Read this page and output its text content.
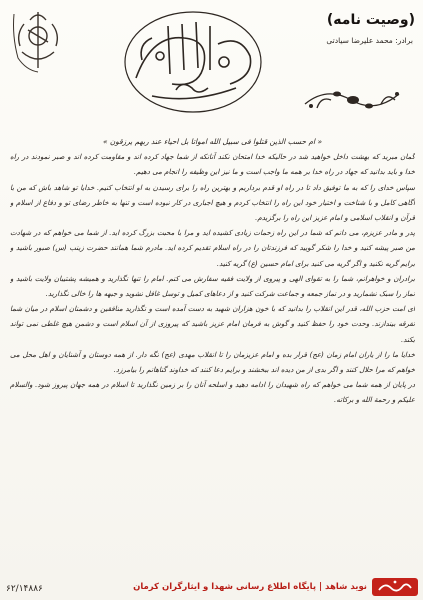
(وصیت نامه)
برادر: محمد علیرضا سیادتی

« ام حسب الذین قتلوا فی سبیل الله امواتا بل احیاء عند ربهم یرزقون »

گمان مبرید که بهشت داخل خواهید شد در حالیکه خدا امتحان نکند آنانکه از شما جهاد کرده اند و مقاومت کرده اند و صبر نمودند در راه خدا و باید بدانید که جهاد در راه خدا بر همه ما واجب است و ما نیز این وظیفه را انجام می دهیم.

سپاس خدای را که به ما توفیق داد تا در راه او قدم برداریم و بهترین راه را برای رسیدن به او انتخاب کنیم. خدایا تو شاهد باش که من با آگاهی کامل و با شناخت و اختیار خود این راه را انتخاب کردم و هیچ اجباری در کار نبوده است و تنها به خاطر رضای تو و دفاع از اسلام و قرآن و انقلاب اسلامی و امام عزیز این راه را برگزیدم.

پدر و مادر عزیزم، می دانم که شما در این راه زحمات زیادی کشیده اید و مرا با محبت بزرگ کرده اید. از شما می خواهم که در شهادت من صبر پیشه کنید و خدا را شکر گویید که فرزندتان را در راه اسلام تقدیم کرده اید. مادرم شما همانند حضرت زینب (س) صبور باشید و برایم گریه نکنید و اگر گریه می کنید برای امام حسین (ع) گریه کنید.

برادران و خواهرانم، شما را به تقوای الهی و پیروی از ولایت فقیه سفارش می کنم. امام را تنها نگذارید و همیشه پشتیبان ولایت باشید و نماز را سبک نشمارید و در نماز جمعه و جماعت شرکت کنید و از دعاهای کمیل و توسل غافل نشوید و جبهه ها را خالی نگذارید.

ای امت حزب الله، قدر این انقلاب را بدانید که با خون هزاران شهید به دست آمده است و نگذارید منافقین و دشمنان اسلام در میان شما تفرقه بیندازند. وحدت خود را حفظ کنید و گوش به فرمان امام عزیز باشید که پیروزی از آن اسلام است و دشمن هیچ غلطی نمی تواند بکند.

خدایا ما را از یاران امام زمان (عج) قرار بده و امام عزیزمان را تا انقلاب مهدی (عج) نگه دار. از همه دوستان و آشنایان و اهل محل می خواهم که مرا حلال کنند و اگر بدی از من دیده اند ببخشند و برایم دعا کنند که خداوند گناهانم را بیامرزد.

در پایان از همه شما می خواهم که راه شهیدان را ادامه دهید و اسلحه آنان را بر زمین نگذارید تا اسلام در همه جهان پیروز شود. والسلام علیکم و رحمة الله و برکاته.

۶۲/۱۴۸۸۶	نوید شاهد | پایگاه اطلاع رسانی شهدا و ایثارگران کرمان
